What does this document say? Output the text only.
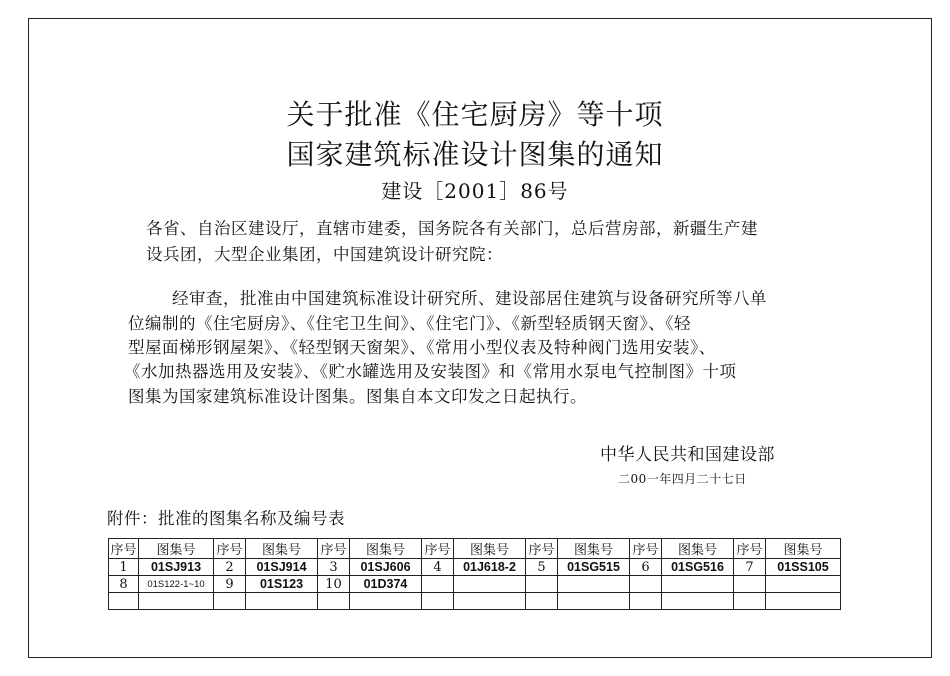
关于批准《住宅厨房》等十项
国家建筑标准设计图集的通知
建设［2001］86号
各省、自治区建设厅，直辖市建委，国务院各有关部门，总后营房部，新疆生产建
设兵团，大型企业集团，中国建筑设计研究院：
经审查，批准由中国建筑标准设计研究所、建设部居住建筑与设备研究所等八单
位编制的《住宅厨房》、《住宅卫生间》、《住宅门》、《新型轻质钢天窗》、《轻
型屋面梯形钢屋架》、《轻型钢天窗架》、《常用小型仪表及特种阀门选用安装》、
《水加热器选用及安装》、《贮水罐选用及安装图》和《常用水泵电气控制图》十项
图集为国家建筑标准设计图集。图集自本文印发之日起执行。
中华人民共和国建设部
二00一年四月二十七日
附件：批准的图集名称及编号表
序号	图集号	序号	图集号	序号	图集号	序号	图集号	序号	图集号	序号	图集号	序号	图集号
1	01SJ913	2	01SJ914	3	01SJ606	4	01J618-2	5	01SG515	6	01SG516	7	01SS105
8	01S122-1~10	9	01S123	10	01D374								
